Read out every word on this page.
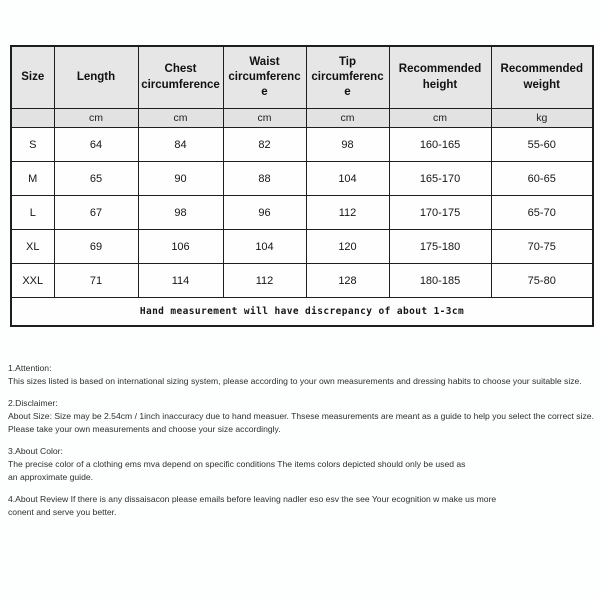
Size	Length	Chest circumference	Waist circumference	Tip circumference	Recommended height	Recommended weight
	cm	cm	cm	cm	cm	kg
S	64	84	82	98	160-165	55-60
M	65	90	88	104	165-170	60-65
L	67	98	96	112	170-175	65-70
XL	69	106	104	120	175-180	70-75
XXL	71	114	112	128	180-185	75-80
Hand measurement will have discrepancy of about 1-3cm						
1.Attention:
This sizes listed is based on international sizing system, please according to your own measurements and dressing habits to choose your suitable size.
2.Disclaimer:
About Size: Size may be 2.54cm / 1inch inaccuracy due to hand measuer. Thsese measurements are meant as a guide to help you select the correct size.
Please take your own measurements and choose your size accordingly.
3.About Color:
The precise color of a clothing ems mva depend on specific conditions The items colors depicted should only be used as
an approximate guide.
4.About Review If there is any dissaisacon please emails before leaving nadler eso esv the see Your ecognition w make us more
conent and serve you better.
